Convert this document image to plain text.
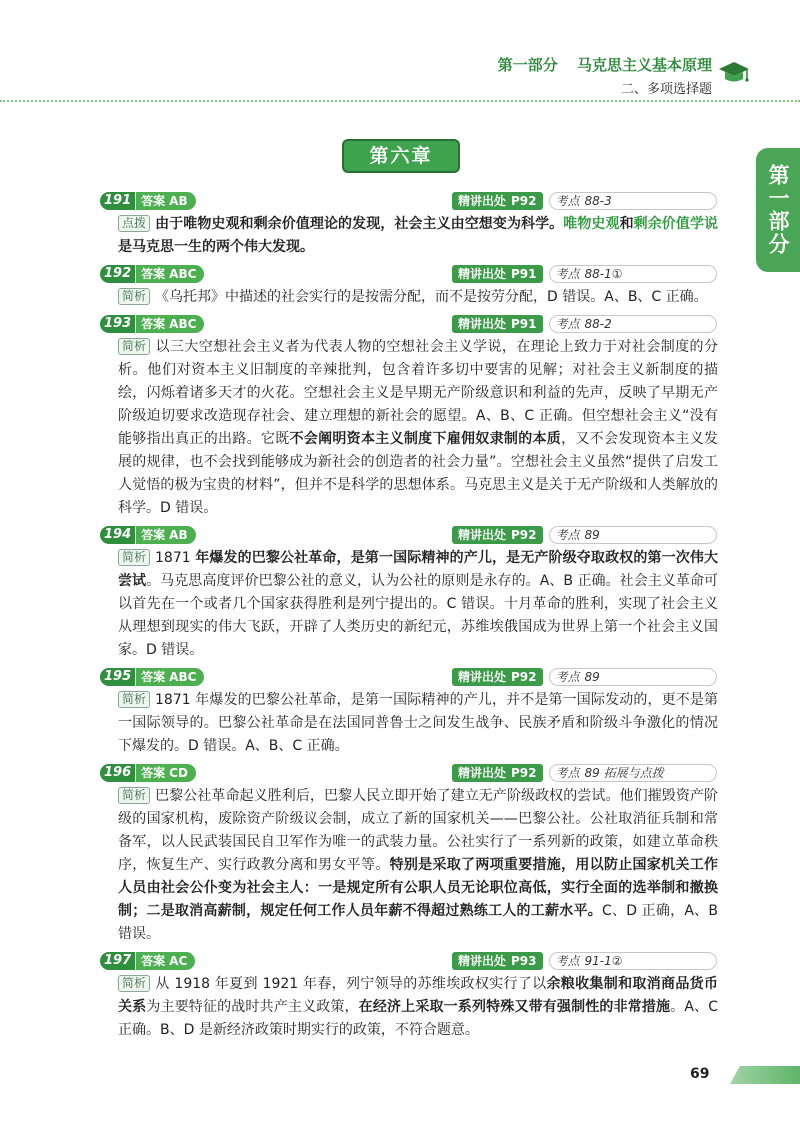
第一部分 马克思主义基本原理
二、多项选择题
第一部分
第六章
191 答案 AB	精讲出处 P92	考点 88-3
点拨 由于唯物史观和剩余价值理论的发现，社会主义由空想变为科学。唯物史观和剩余价值学说是马克思一生的两个伟大发现。
192 答案 ABC	精讲出处 P91	考点 88-1①
简析 《乌托邦》中描述的社会实行的是按需分配，而不是按劳分配，D 错误。A、B、C 正确。
193 答案 ABC	精讲出处 P91	考点 88-2
简析 以三大空想社会主义者为代表人物的空想社会主义学说，在理论上致力于对社会制度的分析。他们对资本主义旧制度的辛辣批判，包含着许多切中要害的见解；对社会主义新制度的描绘，闪烁着诸多天才的火花。空想社会主义是早期无产阶级意识和利益的先声，反映了早期无产阶级迫切要求改造现存社会、建立理想的新社会的愿望。A、B、C 正确。但空想社会主义“没有能够指出真正的出路。它既不会阐明资本主义制度下雇佣奴隶制的本质，又不会发现资本主义发展的规律，也不会找到能够成为新社会的创造者的社会力量”。空想社会主义虽然“提供了启发工人觉悟的极为宝贵的材料”，但并不是科学的思想体系。马克思主义是关于无产阶级和人类解放的科学。D 错误。
194 答案 AB	精讲出处 P92	考点 89
简析 1871 年爆发的巴黎公社革命，是第一国际精神的产儿，是无产阶级夺取政权的第一次伟大尝试。马克思高度评价巴黎公社的意义，认为公社的原则是永存的。A、B 正确。社会主义革命可以首先在一个或者几个国家获得胜利是列宁提出的。C 错误。十月革命的胜利，实现了社会主义从理想到现实的伟大飞跃，开辟了人类历史的新纪元，苏维埃俄国成为世界上第一个社会主义国家。D 错误。
195 答案 ABC	精讲出处 P92	考点 89
简析 1871 年爆发的巴黎公社革命，是第一国际精神的产儿，并不是第一国际发动的，更不是第一国际领导的。巴黎公社革命是在法国同普鲁士之间发生战争、民族矛盾和阶级斗争激化的情况下爆发的。D 错误。A、B、C 正确。
196 答案 CD	精讲出处 P92	考点 89 拓展与点拨
简析 巴黎公社革命起义胜利后，巴黎人民立即开始了建立无产阶级政权的尝试。他们摧毁资产阶级的国家机构，废除资产阶级议会制，成立了新的国家机关——巴黎公社。公社取消征兵制和常备军，以人民武装国民自卫军作为唯一的武装力量。公社实行了一系列新的政策，如建立革命秩序，恢复生产、实行政教分离和男女平等。特别是采取了两项重要措施，用以防止国家机关工作人员由社会公仆变为社会主人：一是规定所有公职人员无论职位高低，实行全面的选举制和撤换制；二是取消高薪制，规定任何工作人员年薪不得超过熟练工人的工薪水平。C、D 正确，A、B 错误。
197 答案 AC	精讲出处 P93	考点 91-1②
简析 从 1918 年夏到 1921 年春，列宁领导的苏维埃政权实行了以余粮收集制和取消商品货币关系为主要特征的战时共产主义政策，在经济上采取一系列特殊又带有强制性的非常措施。A、C 正确。B、D 是新经济政策时期实行的政策，不符合题意。
69
